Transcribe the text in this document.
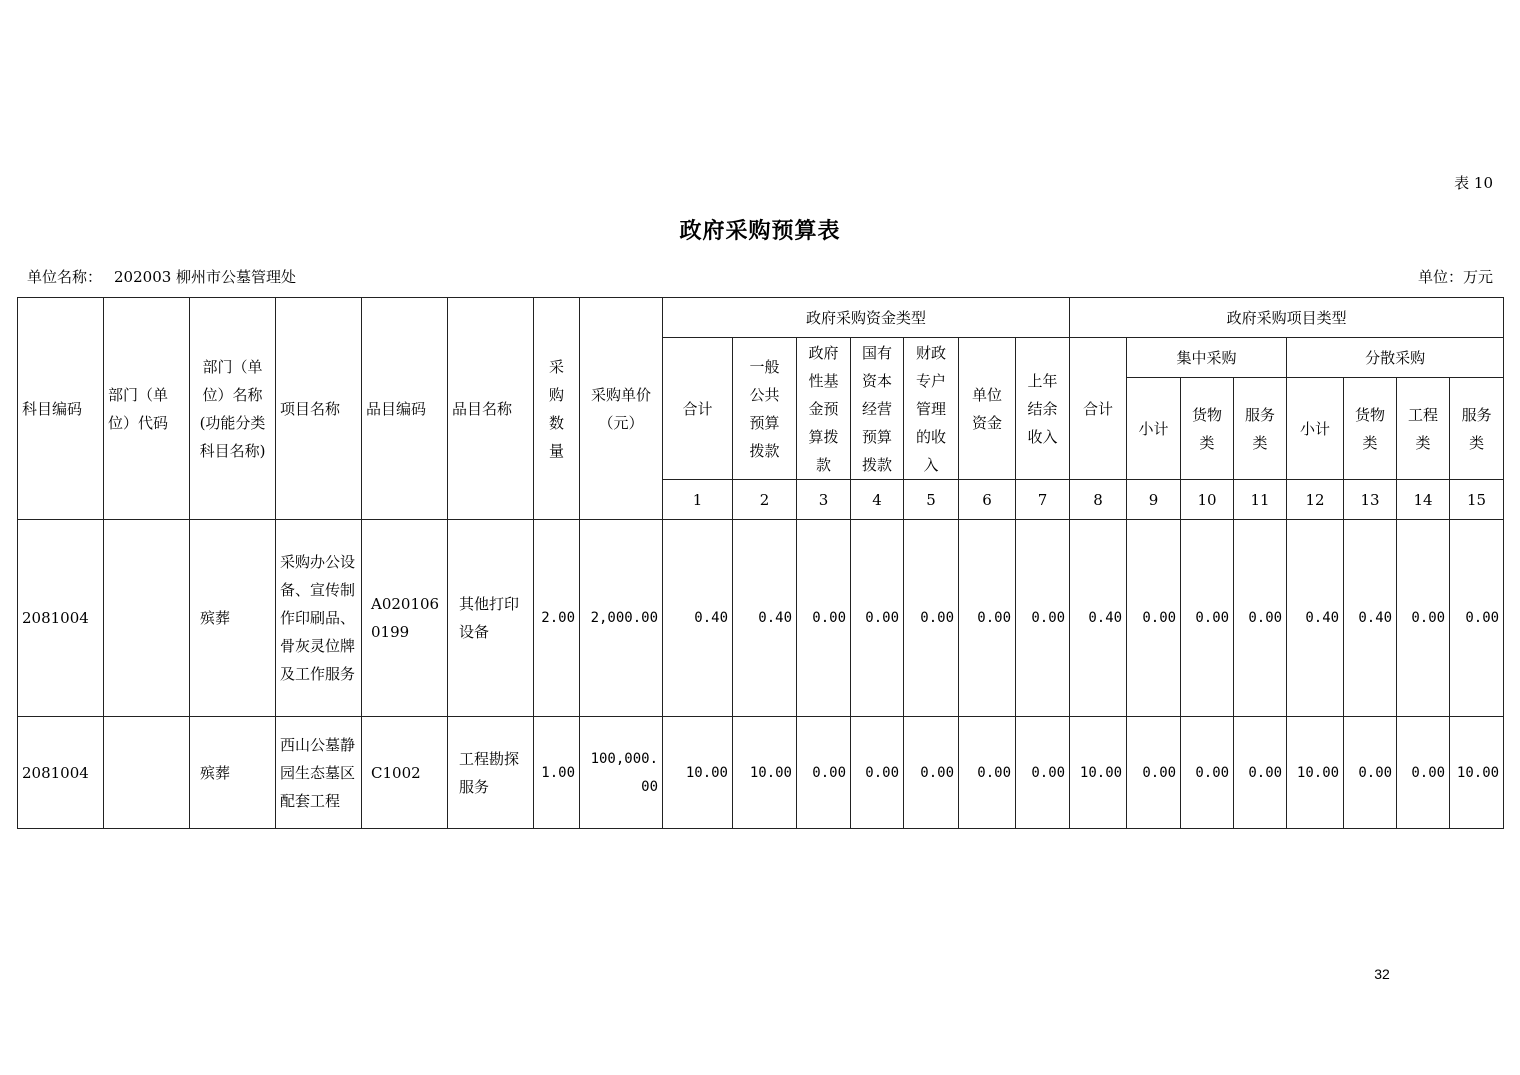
表 10
政府采购预算表
单位名称： 202003 柳州市公墓管理处	单位：万元
科目编码	部门（单位）代码	部门（单位）名称(功能分类科目名称)	项目名称	品目编码	品目名称	采购数量	采购单价（元）	政府采购资金类型							政府采购项目类型							
								合计	一般公共预算拨款	政府性基金预算拨款	国有资本经营预算拨款	财政专户管理的收入	单位资金	上年结余收入	合计	集中采购			分散采购			
																小计	货物类	服务类	小计	货物类	工程类	服务类
								1	2	3	4	5	6	7	8	9	10	11	12	13	14	15
2081004		殡葬	采购办公设备、宣传制作印刷品、骨灰灵位牌及工作服务	A0201060199	其他打印设备	2.00	2,000.00	0.40	0.40	0.00	0.00	0.00	0.00	0.00	0.40	0.00	0.00	0.00	0.40	0.40	0.00	0.00
2081004		殡葬	西山公墓静园生态墓区配套工程	C1002	工程勘探服务	1.00	100,000.00	10.00	10.00	0.00	0.00	0.00	0.00	0.00	10.00	0.00	0.00	0.00	10.00	0.00	0.00	10.00
32
